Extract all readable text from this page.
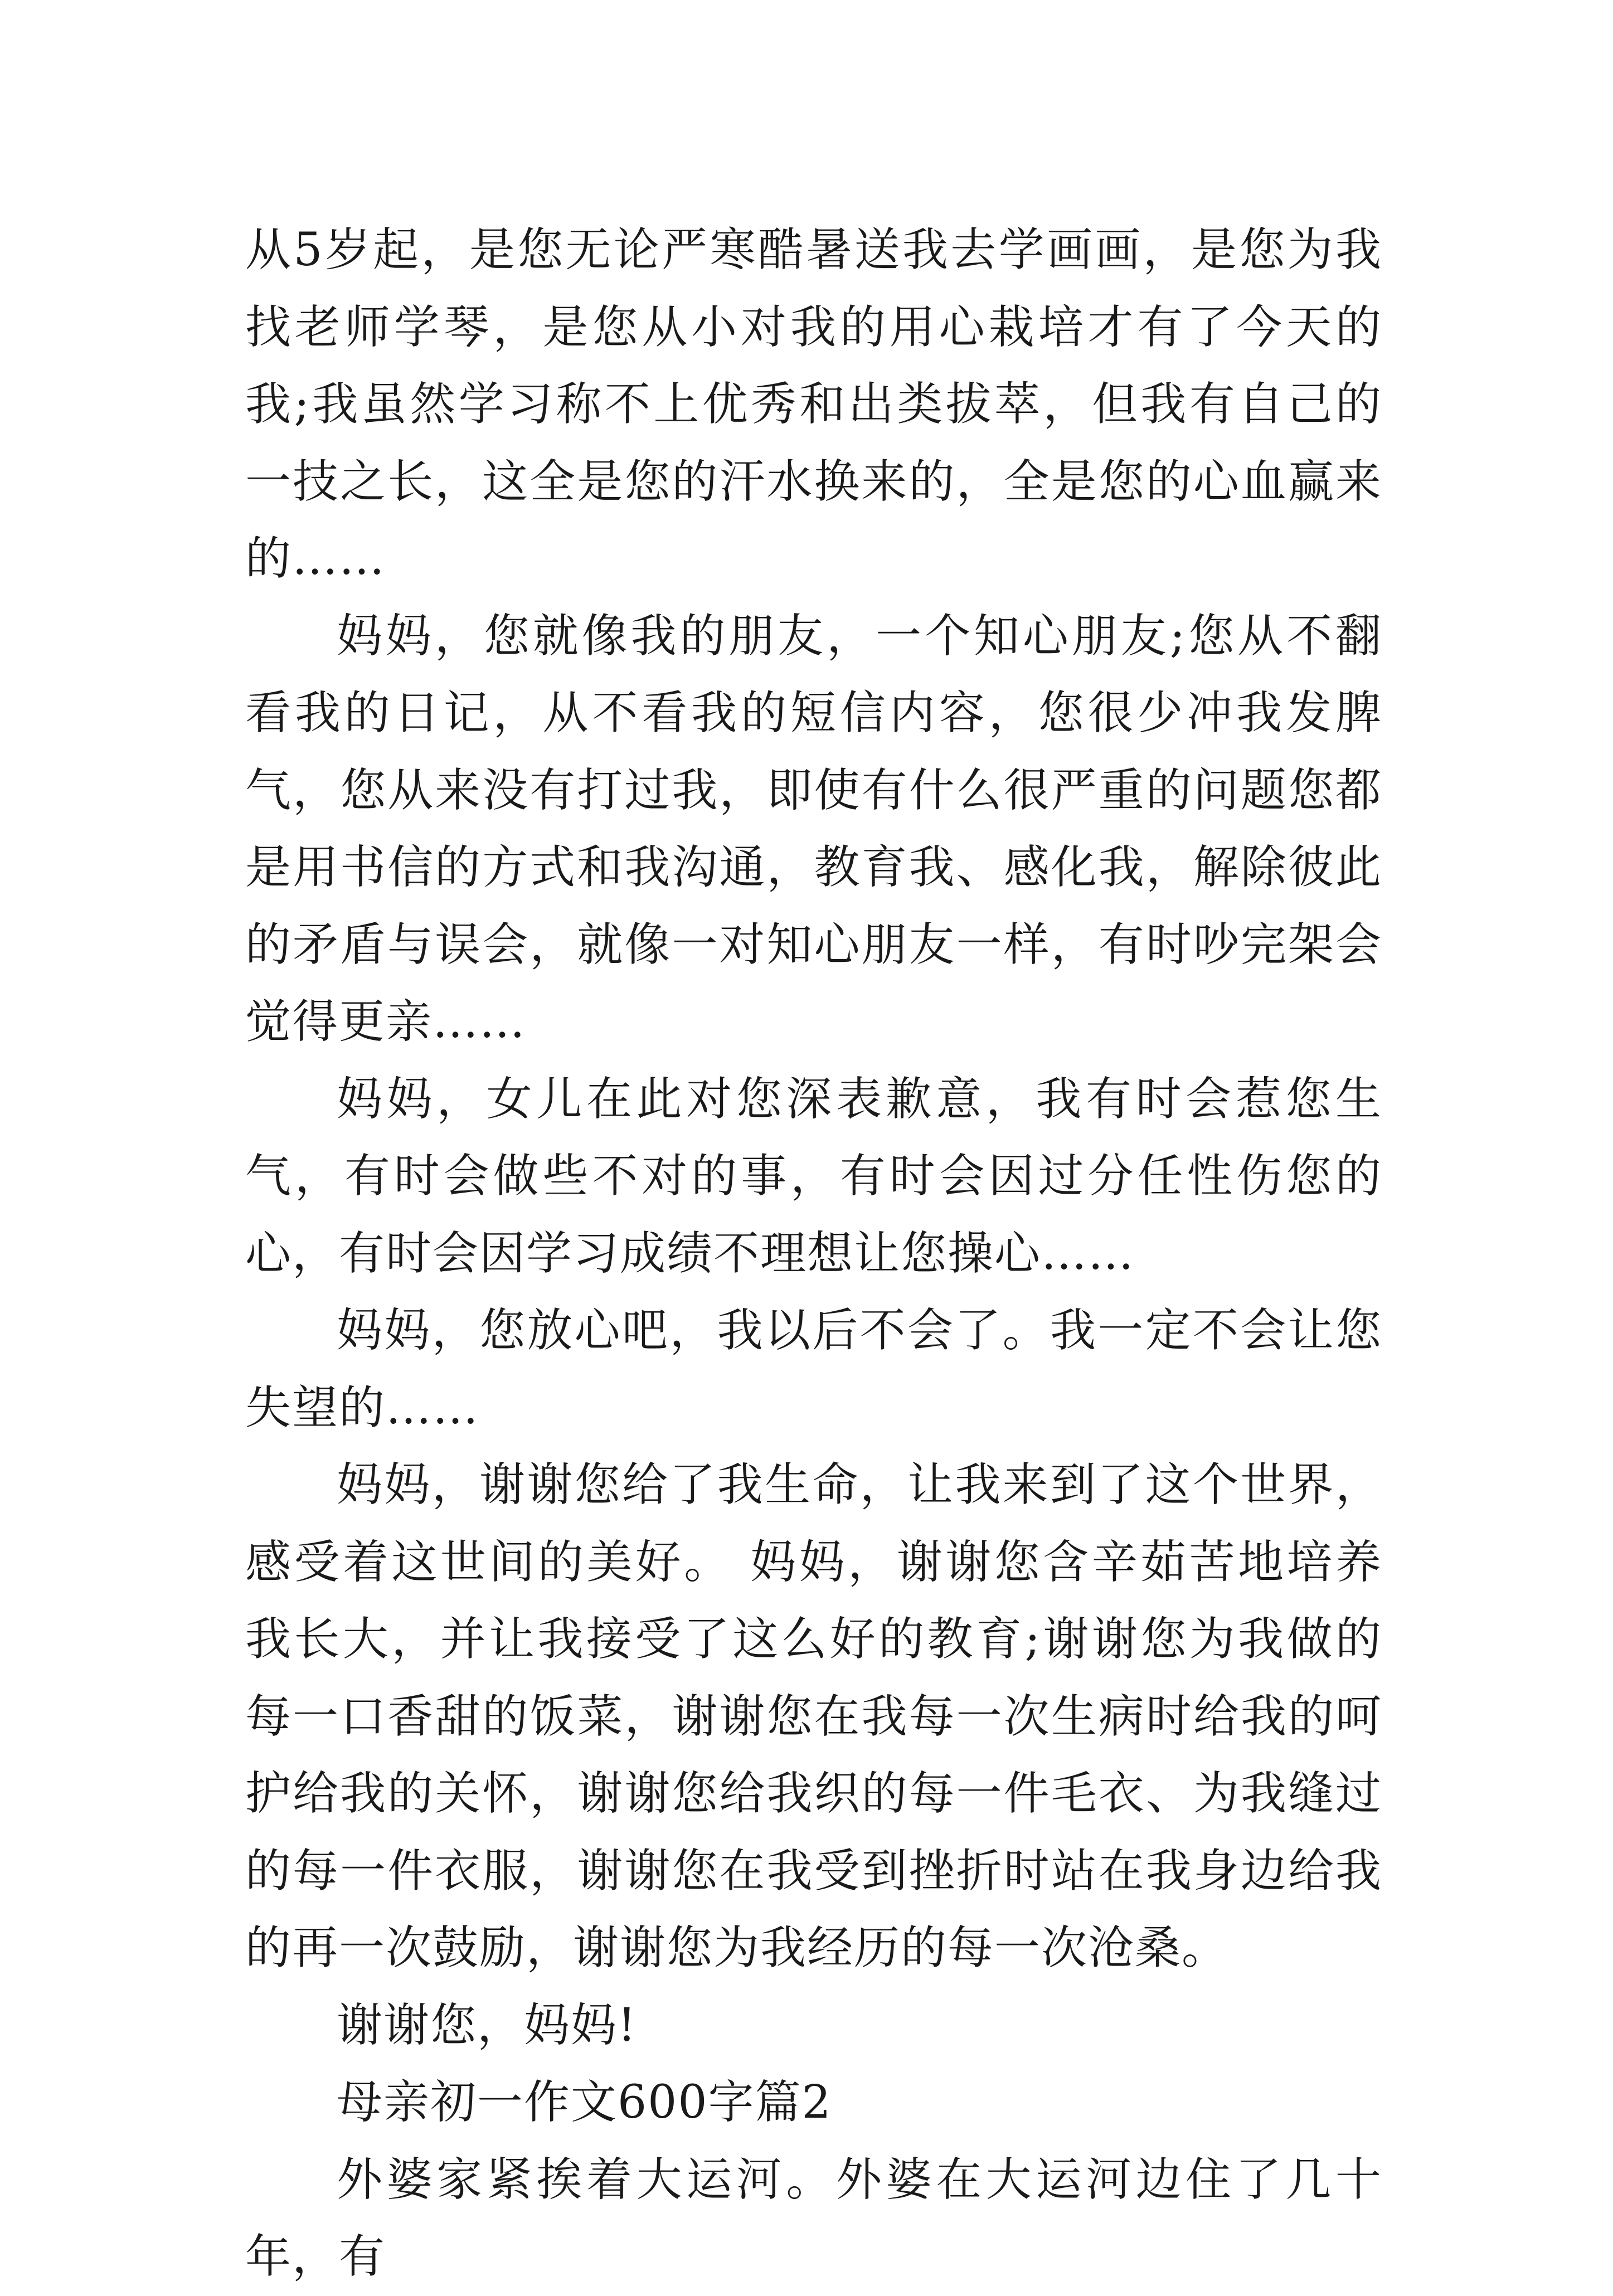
从5岁起，是您无论严寒酷暑送我去学画画，是您为我找老师学琴，是您从小对我的用心栽培才有了今天的我;我虽然学习称不上优秀和出类拔萃，但我有自己的一技之长，这全是您的汗水换来的，全是您的心血赢来的……

妈妈，您就像我的朋友，一个知心朋友;您从不翻看我的日记，从不看我的短信内容，您很少冲我发脾气，您从来没有打过我，即使有什么很严重的问题您都是用书信的方式和我沟通，教育我、感化我，解除彼此的矛盾与误会，就像一对知心朋友一样，有时吵完架会觉得更亲……

妈妈，女儿在此对您深表歉意，我有时会惹您生气，有时会做些不对的事，有时会因过分任性伤您的心，有时会因学习成绩不理想让您操心……

妈妈，您放心吧，我以后不会了。我一定不会让您失望的……

妈妈，谢谢您给了我生命，让我来到了这个世界，感受着这世间的美好。 妈妈，谢谢您含辛茹苦地培养我长大，并让我接受了这么好的教育;谢谢您为我做的每一口香甜的饭菜，谢谢您在我每一次生病时给我的呵护给我的关怀，谢谢您给我织的每一件毛衣、为我缝过的每一件衣服，谢谢您在我受到挫折时站在我身边给我的再一次鼓励，谢谢您为我经历的每一次沧桑。

谢谢您，妈妈!

母亲初一作文600字篇2

外婆家紧挨着大运河。外婆在大运河边住了几十年，有
